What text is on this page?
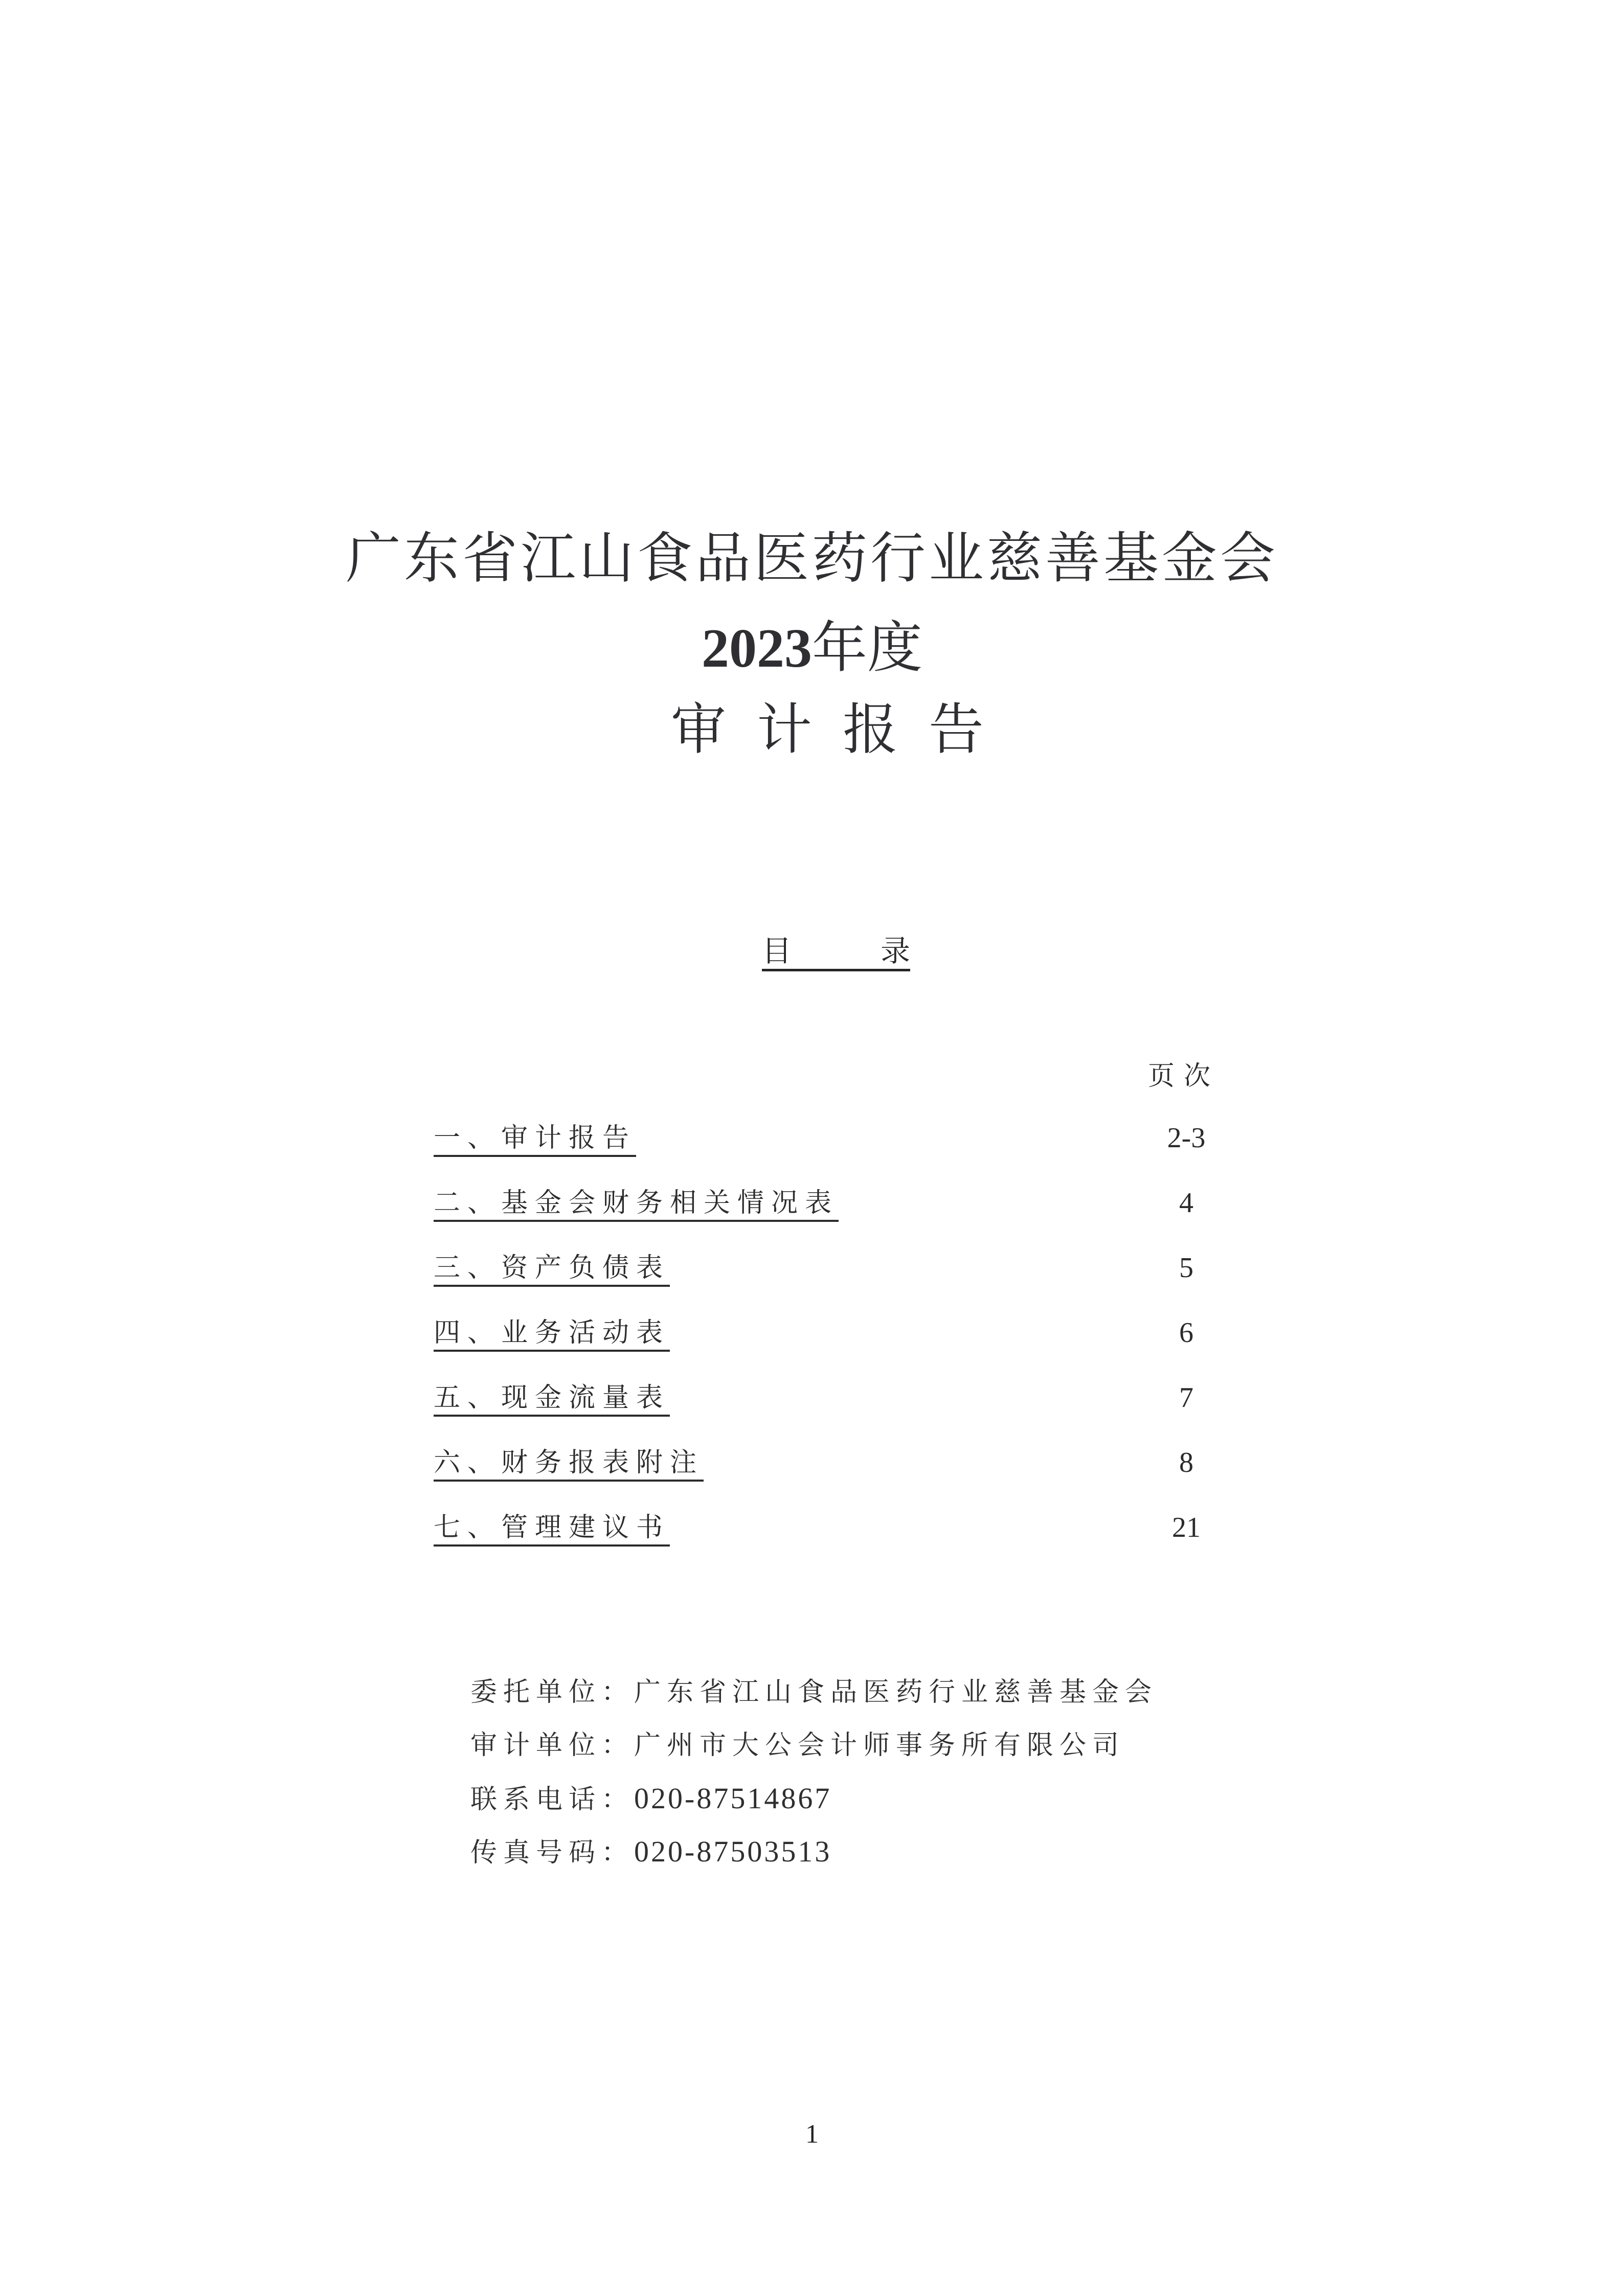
广东省江山食品医药行业慈善基金会
2023年度
审计报告
目	录
页次
一、审计报告	2-3
二、基金会财务相关情况表	4
三、资产负债表	5
四、业务活动表	6
五、现金流量表	7
六、财务报表附注	8
七、管理建议书	21
委托单位：广东省江山食品医药行业慈善基金会
审计单位：广州市大公会计师事务所有限公司
联系电话：020-87514867
传真号码：020-87503513
1
